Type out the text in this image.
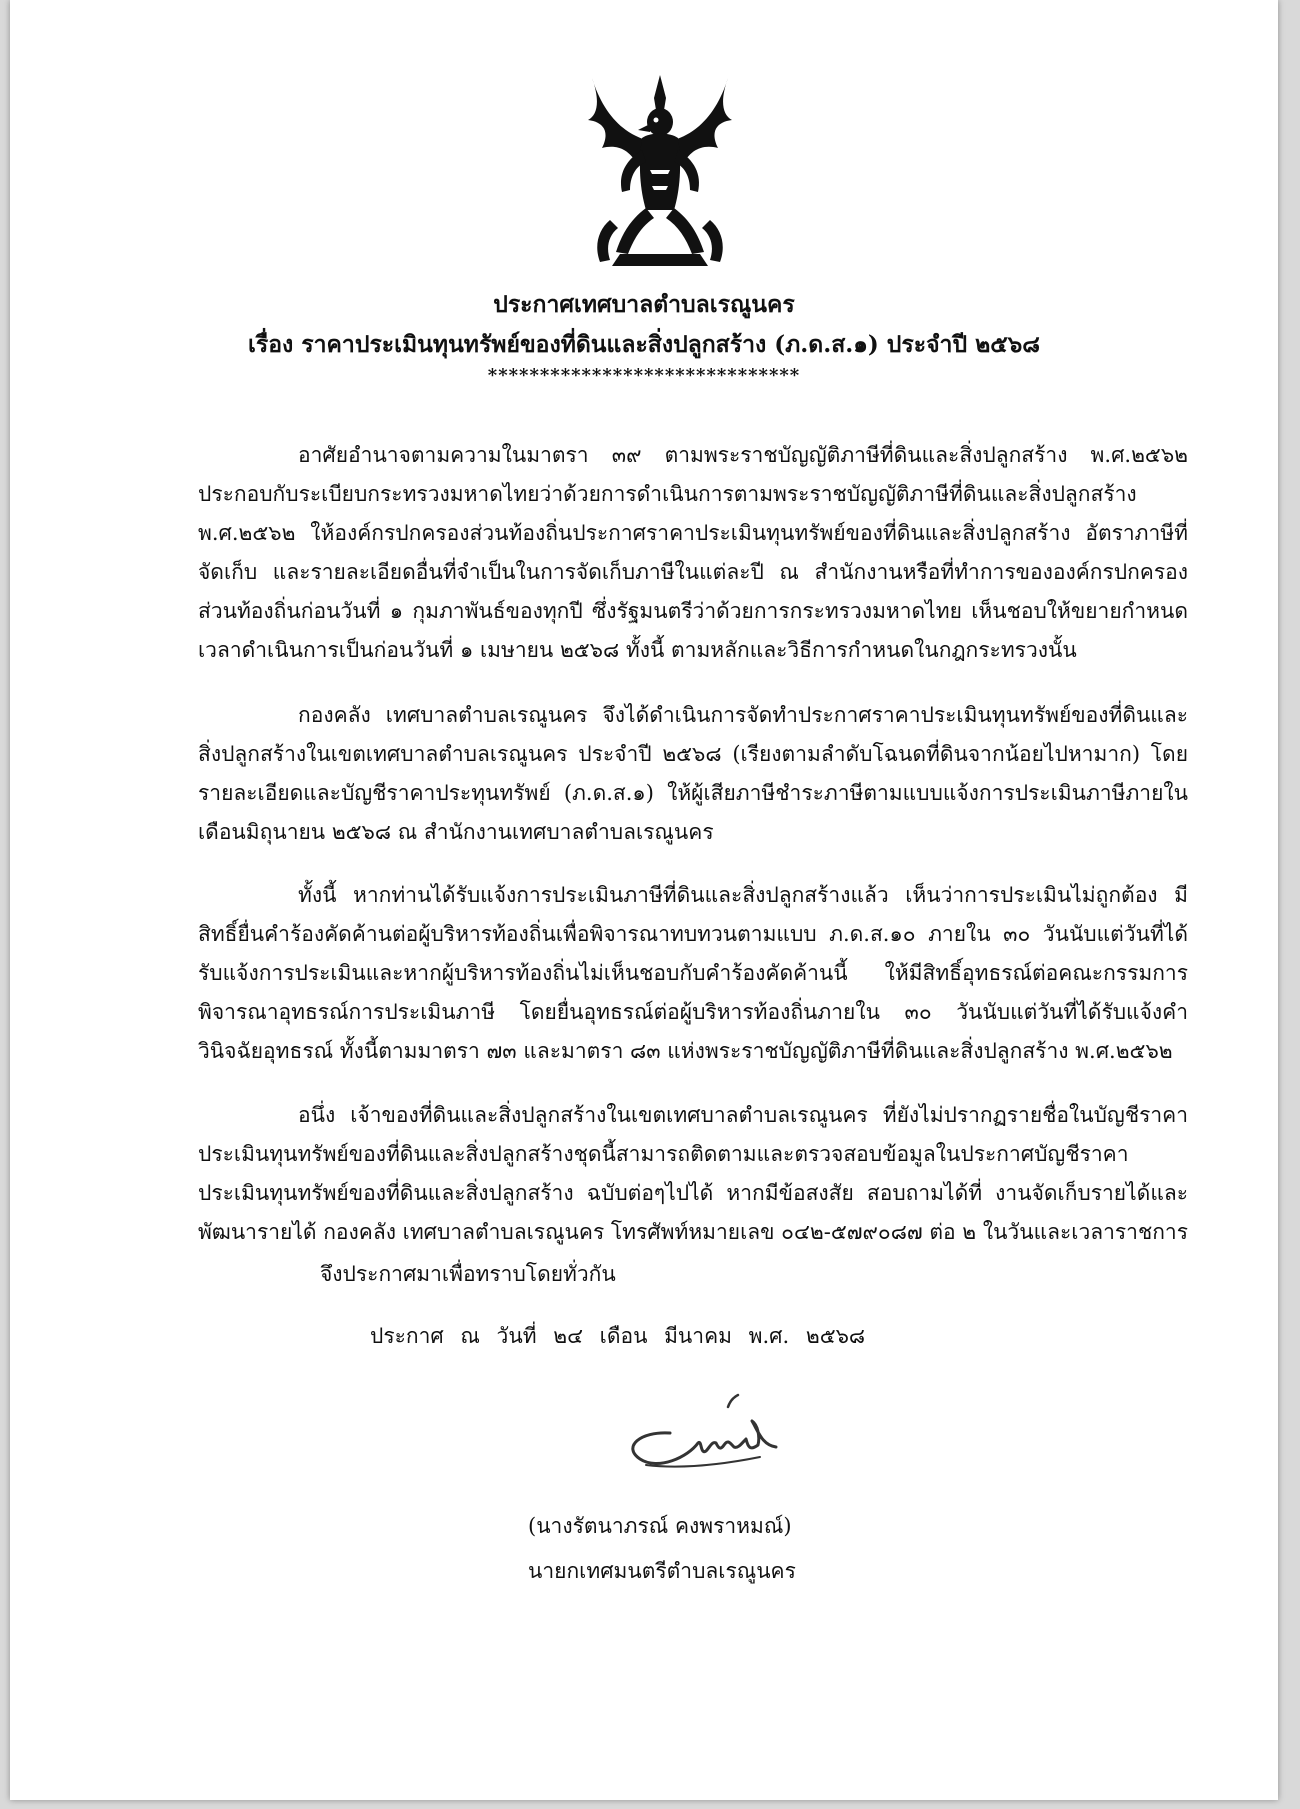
ประกาศเทศบาลตำบลเรณูนคร
เรื่อง ราคาประเมินทุนทรัพย์ของที่ดินและสิ่งปลูกสร้าง (ภ.ด.ส.๑) ประจำปี ๒๕๖๘
******************************

อาศัยอำนาจตามความในมาตรา ๓๙ ตามพระราชบัญญัติภาษีที่ดินและสิ่งปลูกสร้าง พ.ศ.๒๕๖๒ ประกอบกับระเบียบกระทรวงมหาดไทยว่าด้วยการดำเนินการตามพระราชบัญญัติภาษีที่ดินและสิ่งปลูกสร้าง พ.ศ.๒๕๖๒ ให้องค์กรปกครองส่วนท้องถิ่นประกาศราคาประเมินทุนทรัพย์ของที่ดินและสิ่งปลูกสร้าง อัตราภาษีที่จัดเก็บ และรายละเอียดอื่นที่จำเป็นในการจัดเก็บภาษีในแต่ละปี ณ สำนักงานหรือที่ทำการขององค์กรปกครองส่วนท้องถิ่นก่อนวันที่ ๑ กุมภาพันธ์ของทุกปี ซึ่งรัฐมนตรีว่าด้วยการกระทรวงมหาดไทย เห็นชอบให้ขยายกำหนดเวลาดำเนินการเป็นก่อนวันที่ ๑ เมษายน ๒๕๖๘ ทั้งนี้ ตามหลักและวิธีการกำหนดในกฎกระทรวงนั้น

กองคลัง เทศบาลตำบลเรณูนคร จึงได้ดำเนินการจัดทำประกาศราคาประเมินทุนทรัพย์ของที่ดินและสิ่งปลูกสร้างในเขตเทศบาลตำบลเรณูนคร ประจำปี ๒๕๖๘ (เรียงตามลำดับโฉนดที่ดินจากน้อยไปหามาก) โดยรายละเอียดและบัญชีราคาประทุนทรัพย์ (ภ.ด.ส.๑) ให้ผู้เสียภาษีชำระภาษีตามแบบแจ้งการประเมินภาษีภายใน เดือนมิถุนายน ๒๕๖๘ ณ สำนักงานเทศบาลตำบลเรณูนคร

ทั้งนี้ หากท่านได้รับแจ้งการประเมินภาษีที่ดินและสิ่งปลูกสร้างแล้ว เห็นว่าการประเมินไม่ถูกต้อง มีสิทธิ์ยื่นคำร้องคัดค้านต่อผู้บริหารท้องถิ่นเพื่อพิจารณาทบทวนตามแบบ ภ.ด.ส.๑๐ ภายใน ๓๐ วันนับแต่วันที่ได้รับแจ้งการประเมินและหากผู้บริหารท้องถิ่นไม่เห็นชอบกับคำร้องคัดค้านนี้ ให้มีสิทธิ์อุทธรณ์ต่อคณะกรรมการพิจารณาอุทธรณ์การประเมินภาษี โดยยื่นอุทธรณ์ต่อผู้บริหารท้องถิ่นภายใน ๓๐ วันนับแต่วันที่ได้รับแจ้งคำวินิจฉัยอุทธรณ์ ทั้งนี้ตามมาตรา ๗๓ และมาตรา ๘๓ แห่งพระราชบัญญัติภาษีที่ดินและสิ่งปลูกสร้าง พ.ศ.๒๕๖๒

อนึ่ง เจ้าของที่ดินและสิ่งปลูกสร้างในเขตเทศบาลตำบลเรณูนคร ที่ยังไม่ปรากฏรายชื่อในบัญชีราคาประเมินทุนทรัพย์ของที่ดินและสิ่งปลูกสร้างชุดนี้สามารถติดตามและตรวจสอบข้อมูลในประกาศบัญชีราคาประเมินทุนทรัพย์ของที่ดินและสิ่งปลูกสร้าง ฉบับต่อๆไปได้ หากมีข้อสงสัย สอบถามได้ที่ งานจัดเก็บรายได้และพัฒนารายได้ กองคลัง เทศบาลตำบลเรณูนคร โทรศัพท์หมายเลข ๐๔๒-๕๗๙๐๘๗ ต่อ ๒ ในวันและเวลาราชการ

จึงประกาศมาเพื่อทราบโดยทั่วกัน
ประกาศ ณ วันที่ ๒๔ เดือน มีนาคม พ.ศ. ๒๕๖๘
(นางรัตนาภรณ์ คงพราหมณ์)
นายกเทศมนตรีตำบลเรณูนคร
